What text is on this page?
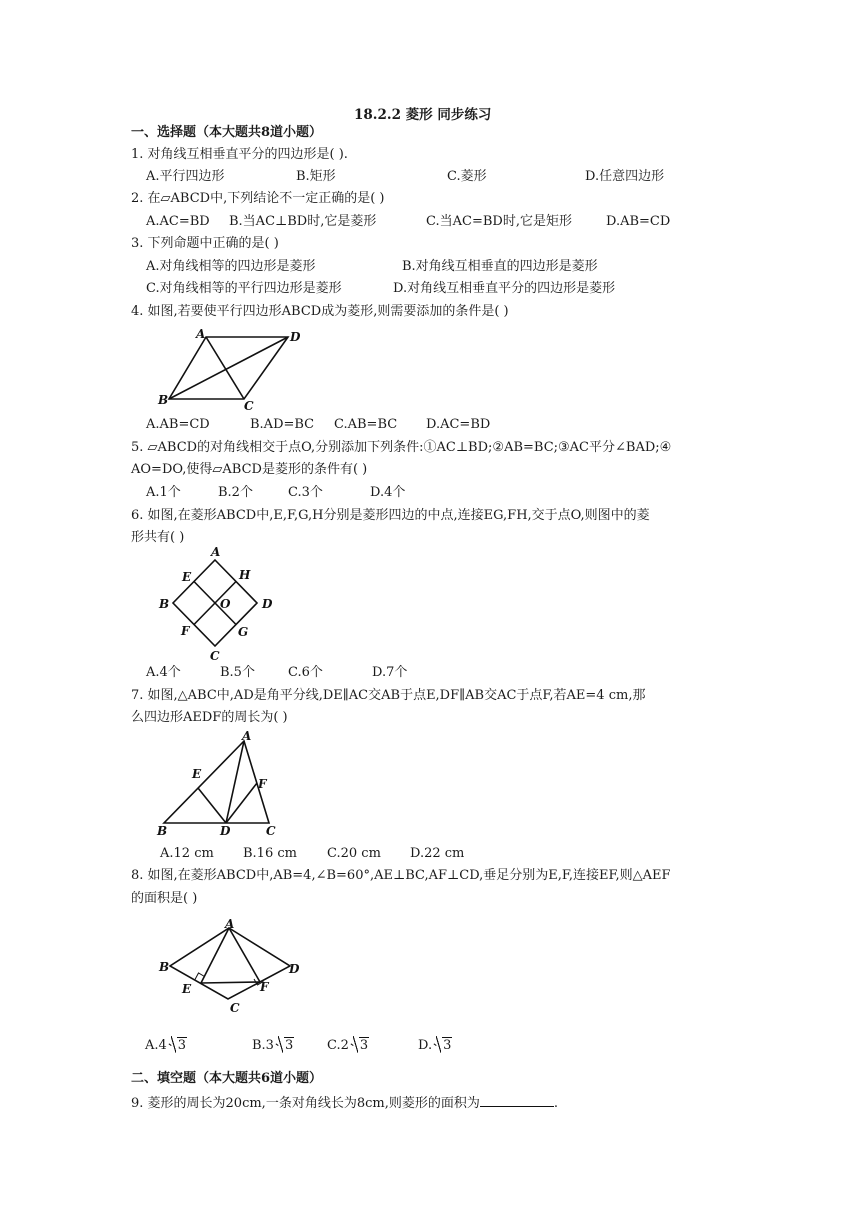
18.2.2 菱形 同步练习
一、选择题（本大题共8道小题）
1. 对角线互相垂直平分的四边形是( ).
A.平行四边形	B.矩形	C.菱形	D.任意四边形
2. 在▱ABCD中,下列结论不一定正确的是( )
A.AC=BD B.当AC⊥BD时,它是菱形	C.当AC=BD时,它是矩形	D.AB=CD
3. 下列命题中正确的是( )
A.对角线相等的四边形是菱形	B.对角线互相垂直的四边形是菱形
C.对角线相等的平行四边形是菱形	D.对角线互相垂直平分的四边形是菱形
4. 如图,若要使平行四边形ABCD成为菱形,则需要添加的条件是( )
A	D
B	C
A.AB=CD	B.AD=BC C.AB=BC D.AC=BD
5. ▱ABCD的对角线相交于点O,分别添加下列条件:①AC⊥BD;②AB=BC;③AC平分∠BAD;④
AO=DO,使得▱ABCD是菱形的条件有( )
A.1个	B.2个	C.3个	D.4个
6. 如图,在菱形ABCD中,E,F,G,H分别是菱形四边的中点,连接EG,FH,交于点O,则图中的菱
形共有( )
A
B	D
C
E	H
F	G
O
A.4个	B.5个	C.6个	D.7个
7. 如图,△ABC中,AD是角平分线,DE∥AC交AB于点E,DF∥AB交AC于点F,若AE=4 cm,那
么四边形AEDF的周长为( )
A
B	D	C
E
F
A.12 cm B.16 cm C.20 cm D.22 cm
8. 如图,在菱形ABCD中,AB=4,∠B=60°,AE⊥BC,AF⊥CD,垂足分别为E,F,连接EF,则△AEF
的面积是( )
A
B	D
C
E	F
A.4 3	B.3 3	C.2 3	D. 3
二、填空题（本大题共6道小题）
9. 菱形的周长为20cm,一条对角线长为8cm,则菱形的面积为	.
